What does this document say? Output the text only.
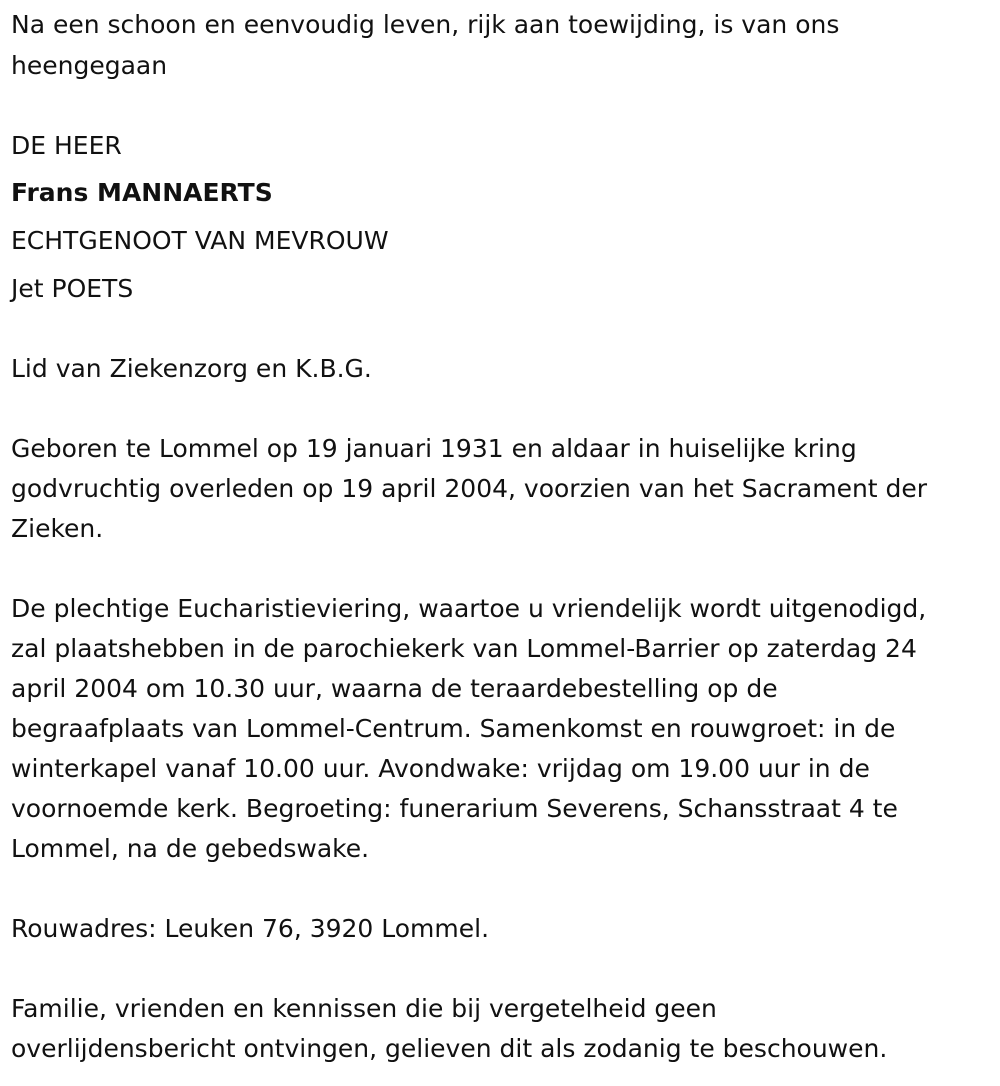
Na een schoon en eenvoudig leven, rijk aan toewijding, is van ons
heengegaan
DE HEER
Frans MANNAERTS
ECHTGENOOT VAN MEVROUW
Jet POETS
Lid van Ziekenzorg en K.B.G.
Geboren te Lommel op 19 januari 1931 en aldaar in huiselijke kring
godvruchtig overleden op 19 april 2004, voorzien van het Sacrament der
Zieken.
De plechtige Eucharistieviering, waartoe u vriendelijk wordt uitgenodigd,
zal plaatshebben in de parochiekerk van Lommel-Barrier op zaterdag 24
april 2004 om 10.30 uur, waarna de teraardebestelling op de
begraafplaats van Lommel-Centrum. Samenkomst en rouwgroet: in de
winterkapel vanaf 10.00 uur. Avondwake: vrijdag om 19.00 uur in de
voornoemde kerk. Begroeting: funerarium Severens, Schansstraat 4 te
Lommel, na de gebedswake.
Rouwadres: Leuken 76, 3920 Lommel.
Familie, vrienden en kennissen die bij vergetelheid geen
overlijdensbericht ontvingen, gelieven dit als zodanig te beschouwen.
